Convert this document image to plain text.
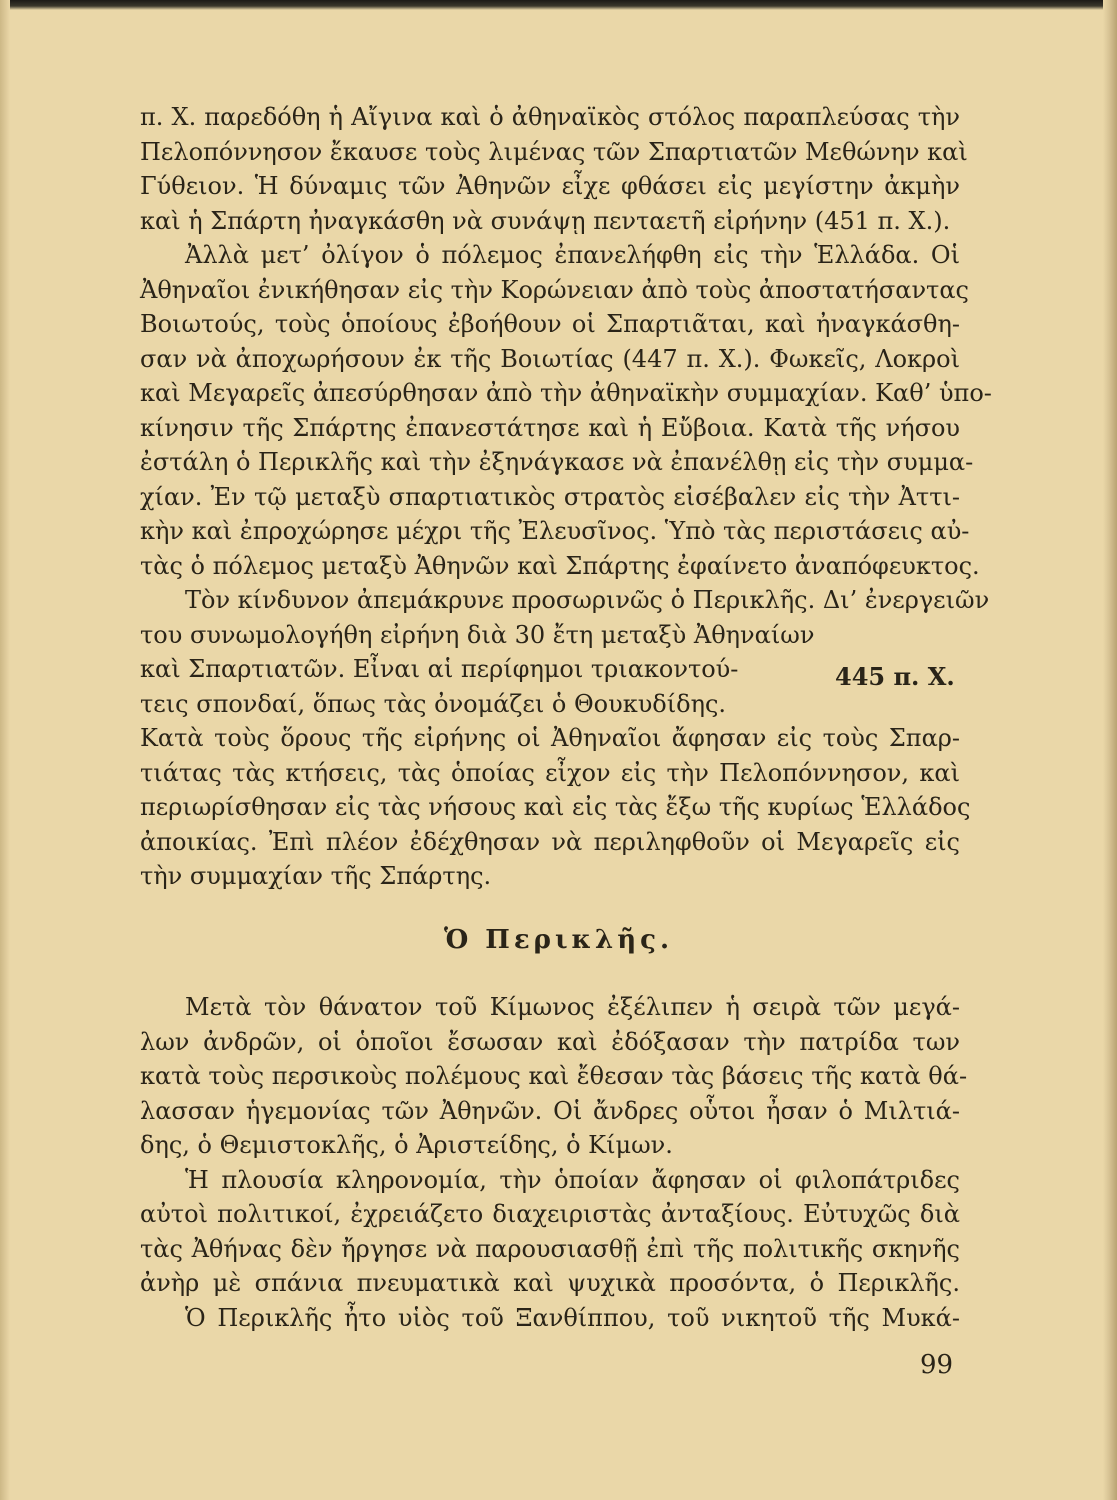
π. Χ. παρεδόθη ἡ Αἴγινα καὶ ὁ ἀθηναϊκὸς στόλος παραπλεύσας τὴν
Πελοπόννησον ἔκαυσε τοὺς λιμένας τῶν Σπαρτιατῶν Μεθώνην καὶ
Γύθειον. Ἡ δύναμις τῶν Ἀθηνῶν εἶχε φθάσει εἰς μεγίστην ἀκμὴν
καὶ ἡ Σπάρτη ἠναγκάσθη νὰ συνάψῃ πενταετῆ εἰρήνην (451 π. Χ.).
Ἀλλὰ μετ’ ὀλίγον ὁ πόλεμος ἐπανελήφθη εἰς τὴν Ἑλλάδα. Οἱ
Ἀθηναῖοι ἐνικήθησαν εἰς τὴν Κορώνειαν ἀπὸ τοὺς ἀποστατήσαντας
Βοιωτούς, τοὺς ὁποίους ἐβοήθουν οἱ Σπαρτιᾶται, καὶ ἠναγκάσθη-
σαν νὰ ἀποχωρήσουν ἐκ τῆς Βοιωτίας (447 π. Χ.). Φωκεῖς, Λοκροὶ
καὶ Μεγαρεῖς ἀπεσύρθησαν ἀπὸ τὴν ἀθηναϊκὴν συμμαχίαν. Καθ’ ὑπο-
κίνησιν τῆς Σπάρτης ἐπανεστάτησε καὶ ἡ Εὔβοια. Κατὰ τῆς νήσου
ἐστάλη ὁ Περικλῆς καὶ τὴν ἐξηνάγκασε νὰ ἐπανέλθῃ εἰς τὴν συμμα-
χίαν. Ἐν τῷ μεταξὺ σπαρτιατικὸς στρατὸς εἰσέβαλεν εἰς τὴν Ἀττι-
κὴν καὶ ἐπροχώρησε μέχρι τῆς Ἐλευσῖνος. Ὑπὸ τὰς περιστάσεις αὐ-
τὰς ὁ πόλεμος μεταξὺ Ἀθηνῶν καὶ Σπάρτης ἐφαίνετο ἀναπόφευκτος.
Τὸν κίνδυνον ἀπεμάκρυνε προσωρινῶς ὁ Περικλῆς. Δι’ ἐνεργειῶν
του συνωμολογήθη εἰρήνη διὰ 30 ἔτη μεταξὺ Ἀθηναίων
καὶ Σπαρτιατῶν. Εἶναι αἱ περίφημοι τριακοντού-
τεις σπονδαί, ὅπως τὰς ὀνομάζει ὁ Θουκυδίδης.
Κατὰ τοὺς ὅρους τῆς εἰρήνης οἱ Ἀθηναῖοι ἄφησαν εἰς τοὺς Σπαρ-
τιάτας τὰς κτήσεις, τὰς ὁποίας εἶχον εἰς τὴν Πελοπόννησον, καὶ
περιωρίσθησαν εἰς τὰς νήσους καὶ εἰς τὰς ἔξω τῆς κυρίως Ἑλλάδος
ἀποικίας. Ἐπὶ πλέον ἐδέχθησαν νὰ περιληφθοῦν οἱ Μεγαρεῖς εἰς
τὴν συμμαχίαν τῆς Σπάρτης.
445 π. Χ.
Ὁ Περικλῆς.
Μετὰ τὸν θάνατον τοῦ Κίμωνος ἐξέλιπεν ἡ σειρὰ τῶν μεγά-
λων ἀνδρῶν, οἱ ὁποῖοι ἔσωσαν καὶ ἐδόξασαν τὴν πατρίδα των
κατὰ τοὺς περσικοὺς πολέμους καὶ ἔθεσαν τὰς βάσεις τῆς κατὰ θά-
λασσαν ἡγεμονίας τῶν Ἀθηνῶν. Οἱ ἄνδρες οὗτοι ἦσαν ὁ Μιλτιά-
δης, ὁ Θεμιστοκλῆς, ὁ Ἀριστείδης, ὁ Κίμων.
Ἡ πλουσία κληρονομία, τὴν ὁποίαν ἄφησαν οἱ φιλοπάτριδες
αὐτοὶ πολιτικοί, ἐχρειάζετο διαχειριστὰς ἀνταξίους. Εὐτυχῶς διὰ
τὰς Ἀθήνας δὲν ἤργησε νὰ παρουσιασθῇ ἐπὶ τῆς πολιτικῆς σκηνῆς
ἀνὴρ μὲ σπάνια πνευματικὰ καὶ ψυχικὰ προσόντα, ὁ Περικλῆς.
Ὁ Περικλῆς ἦτο υἱὸς τοῦ Ξανθίππου, τοῦ νικητοῦ τῆς Μυκά-
99
